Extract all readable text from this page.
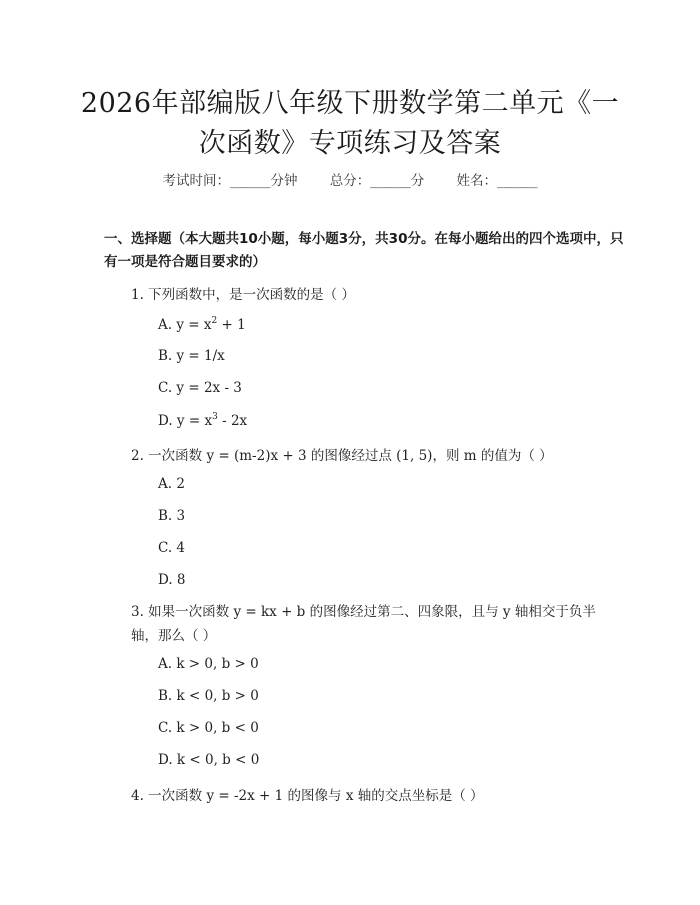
2026年部编版八年级下册数学第二单元《一
次函数》专项练习及答案
考试时间：______分钟 总分：______分 姓名：______
一、选择题（本大题共10小题，每小题3分，共30分。在每小题给出的四个选项中，只有一项是符合题目要求的）
1. 下列函数中，是一次函数的是（ ）
A. $y = x^2 + 1$
B. y = 1/x
C. y = 2x - 3
D. $y = x^3 - 2x$
2. 一次函数 y = (m-2)x + 3 的图像经过点 (1, 5)，则 m 的值为（ ）
A. 2
B. 3
C. 4
D. 8
3. 如果一次函数 y = kx + b 的图像经过第二、四象限，且与 y 轴相交于负半轴，那么（ ）
A. k > 0, b > 0
B. k < 0, b > 0
C. k > 0, b < 0
D. k < 0, b < 0
4. 一次函数 y = -2x + 1 的图像与 x 轴的交点坐标是（ ）
